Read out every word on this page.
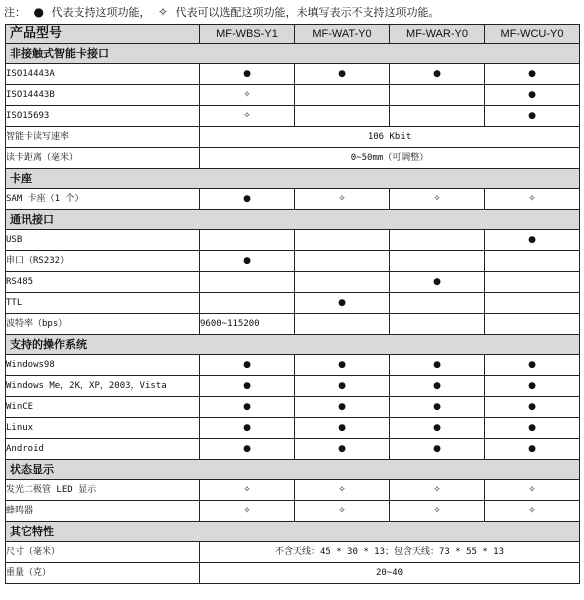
注： ● 代表支持这项功能， ✧ 代表可以选配这项功能，未填写表示不支持这项功能。
产品型号	MF-WBS-Y1	MF-WAT-Y0	MF-WAR-Y0	MF-WCU-Y0
非接触式智能卡接口				
ISO14443A	●	●	●	●
ISO14443B	✧			●
ISO15693	✧			●
智能卡读写速率	106 Kbit			
读卡距离（毫米）	0~50mm（可调整）			
卡座				
SAM 卡座（1 个）	●	✧	✧	✧
通讯接口				
USB				●
串口（RS232）	●			
RS485			●	
TTL		●		
波特率（bps）	9600~115200			
支持的操作系统				
Windows98	●	●	●	●
Windows Me，2K，XP，2003，Vista	●	●	●	●
WinCE	●	●	●	●
Linux	●	●	●	●
Android	●	●	●	●
状态显示				
发光二极管 LED 显示	✧	✧	✧	✧
蜂鸣器	✧	✧	✧	✧
其它特性				
尺寸（毫米）	不含天线：45 * 30 * 13；包含天线：73 * 55 * 13			
重量（克）	20~40			
